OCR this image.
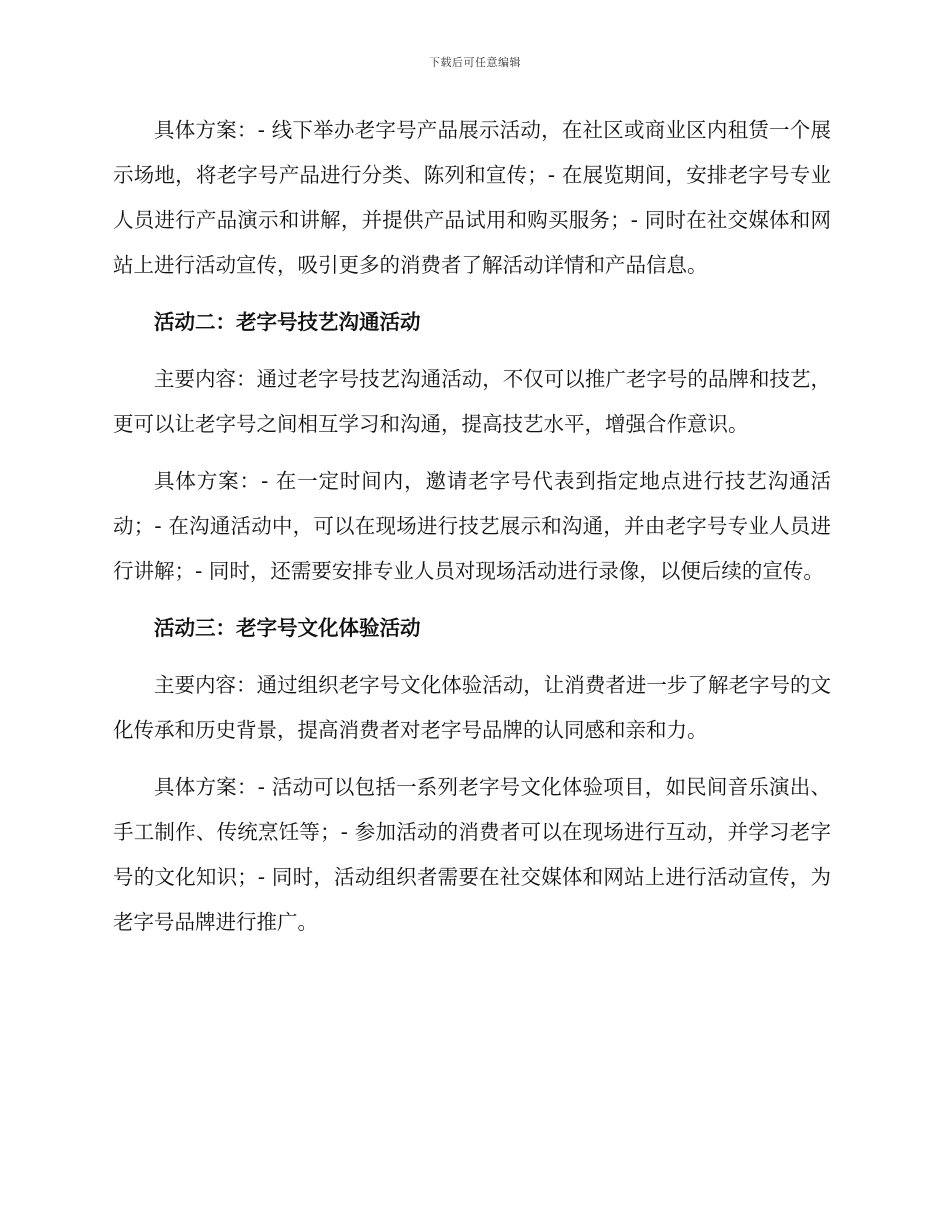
下载后可任意编辑

具体方案：- 线下举办老字号产品展示活动，在社区或商业区内租赁一个展示场地，将老字号产品进行分类、陈列和宣传；- 在展览期间，安排老字号专业人员进行产品演示和讲解，并提供产品试用和购买服务；- 同时在社交媒体和网站上进行活动宣传，吸引更多的消费者了解活动详情和产品信息。

活动二：老字号技艺沟通活动

主要内容：通过老字号技艺沟通活动，不仅可以推广老字号的品牌和技艺，更可以让老字号之间相互学习和沟通，提高技艺水平，增强合作意识。

具体方案：- 在一定时间内，邀请老字号代表到指定地点进行技艺沟通活动；- 在沟通活动中，可以在现场进行技艺展示和沟通，并由老字号专业人员进行讲解；- 同时，还需要安排专业人员对现场活动进行录像，以便后续的宣传。

活动三：老字号文化体验活动

主要内容：通过组织老字号文化体验活动，让消费者进一步了解老字号的文化传承和历史背景，提高消费者对老字号品牌的认同感和亲和力。

具体方案：- 活动可以包括一系列老字号文化体验项目，如民间音乐演出、手工制作、传统烹饪等；- 参加活动的消费者可以在现场进行互动，并学习老字号的文化知识；- 同时，活动组织者需要在社交媒体和网站上进行活动宣传，为老字号品牌进行推广。
